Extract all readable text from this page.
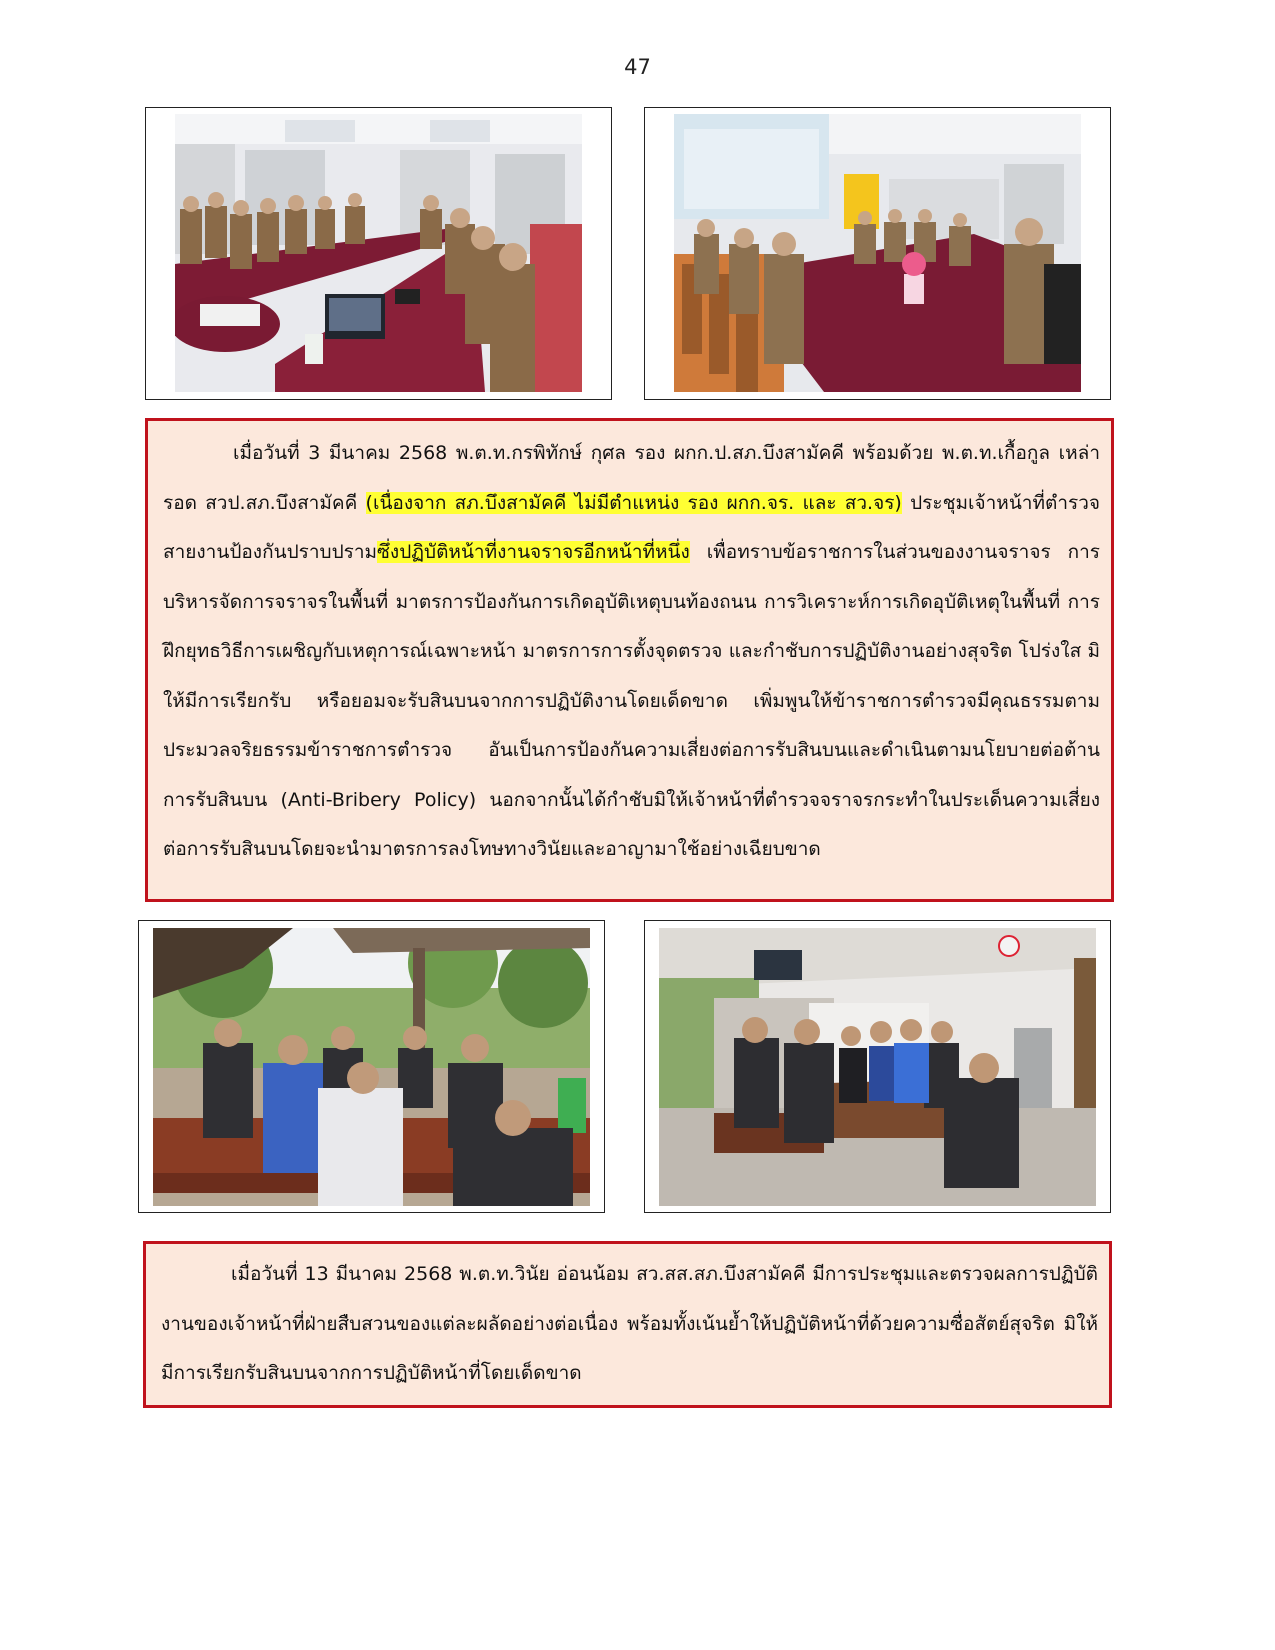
47
เมื่อวันที่ 3 มีนาคม 2568 พ.ต.ท.กรพิทักษ์ กุศล รอง ผกก.ป.สภ.บึงสามัคคี พร้อมด้วย พ.ต.ท.เกื้อกูล เหล่ารอด สวป.สภ.บึงสามัคคี (เนื่องจาก สภ.บึงสามัคคี ไม่มีตำแหน่ง รอง ผกก.จร. และ สว.จร) ประชุมเจ้าหน้าที่ตำรวจสายงานป้องกันปราบปรามซึ่งปฏิบัติหน้าที่งานจราจรอีกหน้าที่หนึ่ง เพื่อทราบข้อราชการในส่วนของงานจราจร การบริหารจัดการจราจรในพื้นที่ มาตรการป้องกันการเกิดอุบัติเหตุบนท้องถนน การวิเคราะห์การเกิดอุบัติเหตุในพื้นที่ การฝึกยุทธวิธีการเผชิญกับเหตุการณ์เฉพาะหน้า มาตรการการตั้งจุดตรวจ และกำชับการปฏิบัติงานอย่างสุจริต โปร่งใส มิให้มีการเรียกรับ หรือยอมจะรับสินบนจากการปฏิบัติงานโดยเด็ดขาด เพิ่มพูนให้ข้าราชการตำรวจมีคุณธรรมตามประมวลจริยธรรมข้าราชการตำรวจ อันเป็นการป้องกันความเสี่ยงต่อการรับสินบนและดำเนินตามนโยบายต่อต้านการรับสินบน (Anti-Bribery Policy) นอกจากนั้นได้กำชับมิให้เจ้าหน้าที่ตำรวจจราจรกระทำในประเด็นความเสี่ยงต่อการรับสินบนโดยจะนำมาตรการลงโทษทางวินัยและอาญามาใช้อย่างเฉียบขาด
เมื่อวันที่ 13 มีนาคม 2568 พ.ต.ท.วินัย อ่อนน้อม สว.สส.สภ.บึงสามัคคี มีการประชุมและตรวจผลการปฏิบัติงานของเจ้าหน้าที่ฝ่ายสืบสวนของแต่ละผลัดอย่างต่อเนื่อง พร้อมทั้งเน้นย้ำให้ปฏิบัติหน้าที่ด้วยความซื่อสัตย์สุจริต มิให้มีการเรียกรับสินบนจากการปฏิบัติหน้าที่โดยเด็ดขาด
